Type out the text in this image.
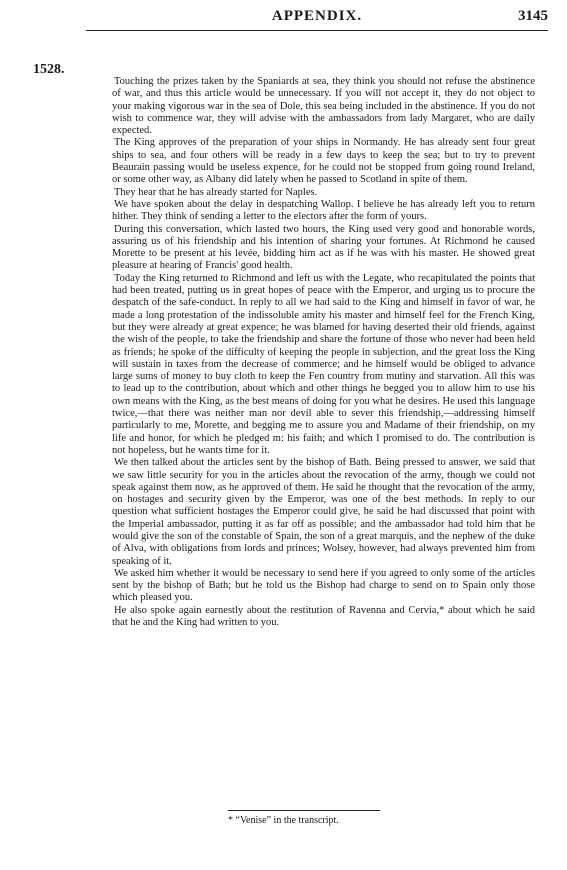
APPENDIX.	3145
1528.

Touching the prizes taken by the Spaniards at sea, they think you should not refuse the abstinence of war, and thus this article would be unnecessary. If you will not accept it, they do not object to your making vigorous war in the sea of Dole, this sea being included in the abstinence. If you do not wish to commence war, they will advise with the ambassadors from lady Margaret, who are daily expected.

The King approves of the preparation of your ships in Normandy. He has already sent four great ships to sea, and four others will be ready in a few days to keep the sea; but to try to prevent Beaurain passing would be useless expence, for he could not be stopped from going round Ireland, or some other way, as Albany did lately when he passed to Scotland in spite of them.

They hear that he has already started for Naples.

We have spoken about the delay in despatching Wallop. I believe he has already left you to return hither. They think of sending a letter to the electors after the form of yours.

During this conversation, which lasted two hours, the King used very good and honorable words, assuring us of his friendship and his intention of sharing your fortunes. At Richmond he caused Morette to be present at his levée, bidding him act as if he was with his master. He showed great pleasure at hearing of Francis' good health.

Today the King returned to Richmond and left us with the Legate, who recapitulated the points that had been treated, putting us in great hopes of peace with the Emperor, and urging us to procure the despatch of the safe-conduct. In reply to all we had said to the King and himself in favor of war, he made a long protestation of the indissoluble amity his master and himself feel for the French King, but they were already at great expence; he was blamed for having deserted their old friends, against the wish of the people, to take the friendship and share the fortune of those who never had been held as friends; he spoke of the difficulty of keeping the people in subjection, and the great loss the King will sustain in taxes from the decrease of commerce; and he himself would be obliged to advance large sums of money to buy cloth to keep the Fen country from mutiny and starvation. All this was to lead up to the contribution, about which and other things he begged you to allow him to use his own means with the King, as the best means of doing for you what he desires. He used this language twice,—that there was neither man nor devil able to sever this friendship,—addressing himself particularly to me, Morette, and begging me to assure you and Madame of their friendship, on my life and honor, for which he pledged m: his faith; and which I promised to do. The contribution is not hopeless, but he wants time for it.

We then talked about the articles sent by the bishop of Bath. Being pressed to answer, we said that we saw little security for you in the articles about the revocation of the army, though we could not speak against them now, as he approved of them. He said he thought that the revocation of the army, on hostages and security given by the Emperor, was one of the best methods. In reply to our question what sufficient hostages the Emperor could give, he said he had discussed that point with the Imperial ambassador, putting it as far off as possible; and the ambassador had told him that he would give the son of the constable of Spain, the son of a great marquis, and the nephew of the duke of Alva, with obligations from lords and princes; Wolsey, however, had always prevented him from speaking of it.

We asked him whether it would be necessary to send here if you agreed to only some of the articles sent by the bishop of Bath; but he told us the Bishop had charge to send on to Spain only those which pleased you.

He also spoke again earnestly about the restitution of Ravenna and Cervia,* about which he said that he and the King had written to you.

* “Venise” in the transcript.
